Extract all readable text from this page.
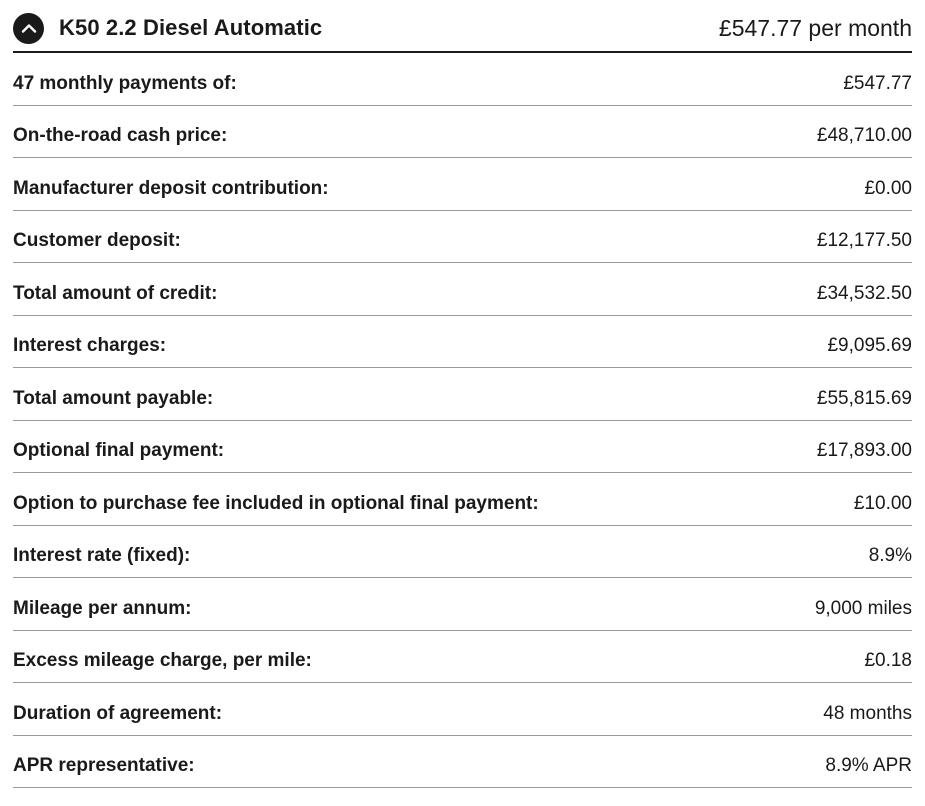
K50 2.2 Diesel Automatic	£547.77 per month
47 monthly payments of:	£547.77
On-the-road cash price:	£48,710.00
Manufacturer deposit contribution:	£0.00
Customer deposit:	£12,177.50
Total amount of credit:	£34,532.50
Interest charges:	£9,095.69
Total amount payable:	£55,815.69
Optional final payment:	£17,893.00
Option to purchase fee included in optional final payment:	£10.00
Interest rate (fixed):	8.9%
Mileage per annum:	9,000 miles
Excess mileage charge, per mile:	£0.18
Duration of agreement:	48 months
APR representative:	8.9% APR
